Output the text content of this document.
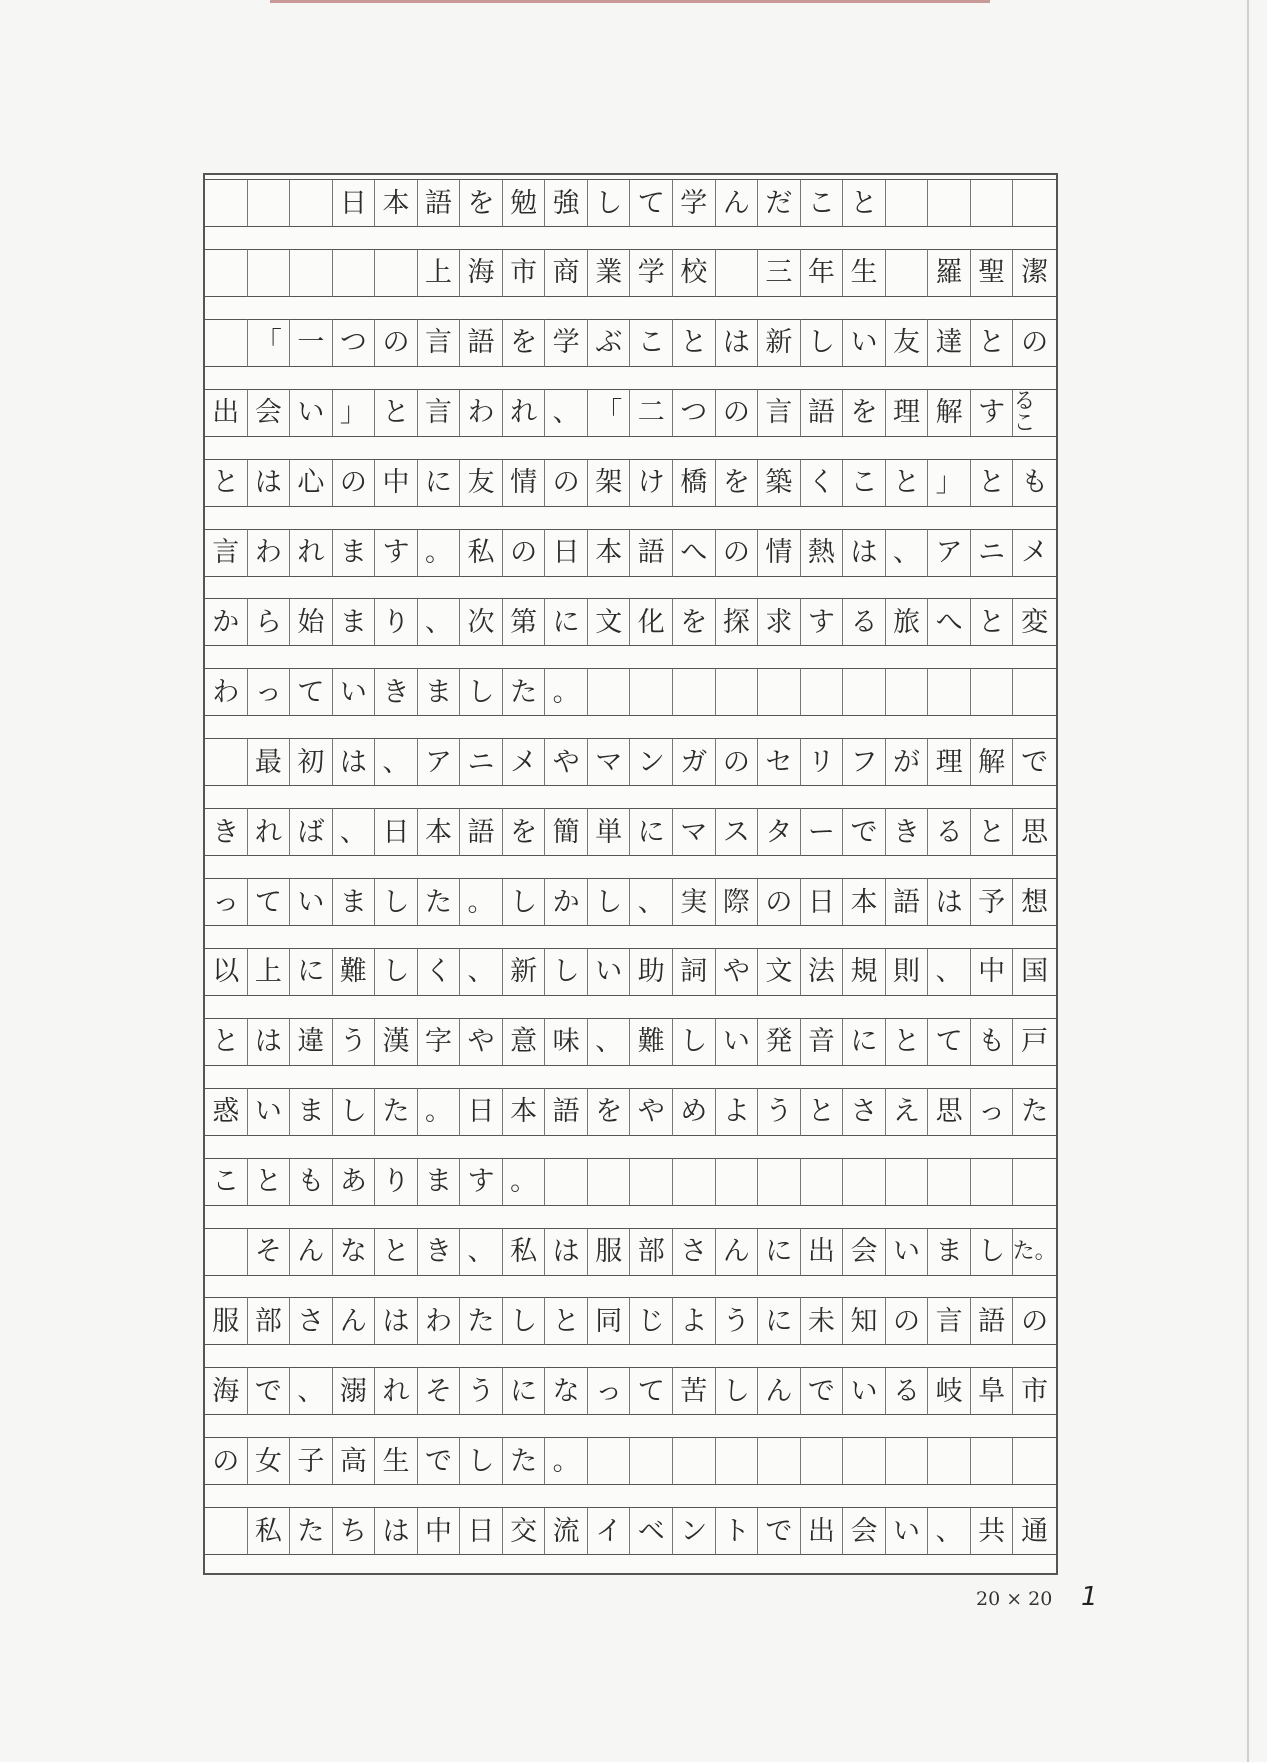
日 本 語 を 勉 強 し て 学 ん だ こ と
上 海 市 商 業 学 校	三 年 生	羅 聖 潔
「 一 つ の 言 語 を 学 ぶ こ と は 新 し い 友 達 と の
出 会 い 」 と 言 わ れ 、 「 二 つ の 言 語 を 理 解 す るこ
と は 心 の 中 に 友 情 の 架 け 橋 を 築 く こ と 」 と も
言 わ れ ま す 。 私 の 日 本 語 へ の 情 熱 は 、 ア ニ メ
か ら 始 ま り 、 次 第 に 文 化 を 探 求 す る 旅 へ と 変
わ っ て い き ま し た 。
最 初 は 、 ア ニ メ や マ ン ガ の セ リ フ が 理 解 で
き れ ば 、 日 本 語 を 簡 単 に マ ス タ ー で き る と 思
っ て い ま し た 。 し か し 、 実 際 の 日 本 語 は 予 想
以 上 に 難 し く 、 新 し い 助 詞 や 文 法 規 則 、 中 国
と は 違 う 漢 字 や 意 味 、 難 し い 発 音 に と て も 戸
惑 い ま し た 。 日 本 語 を や め よ う と さ え 思 っ た
こ と も あ り ま す 。
そ ん な と き 、 私 は 服 部 さ ん に 出 会 い ま し た。
服 部 さ ん は わ た し と 同 じ よ う に 未 知 の 言 語 の
海 で 、 溺 れ そ う に な っ て 苦 し ん で い る 岐 阜 市
の 女 子 高 生 で し た 。
私 た ち は 中 日 交 流 イ ベ ン ト で 出 会 い 、 共 通
20 × 20 1
